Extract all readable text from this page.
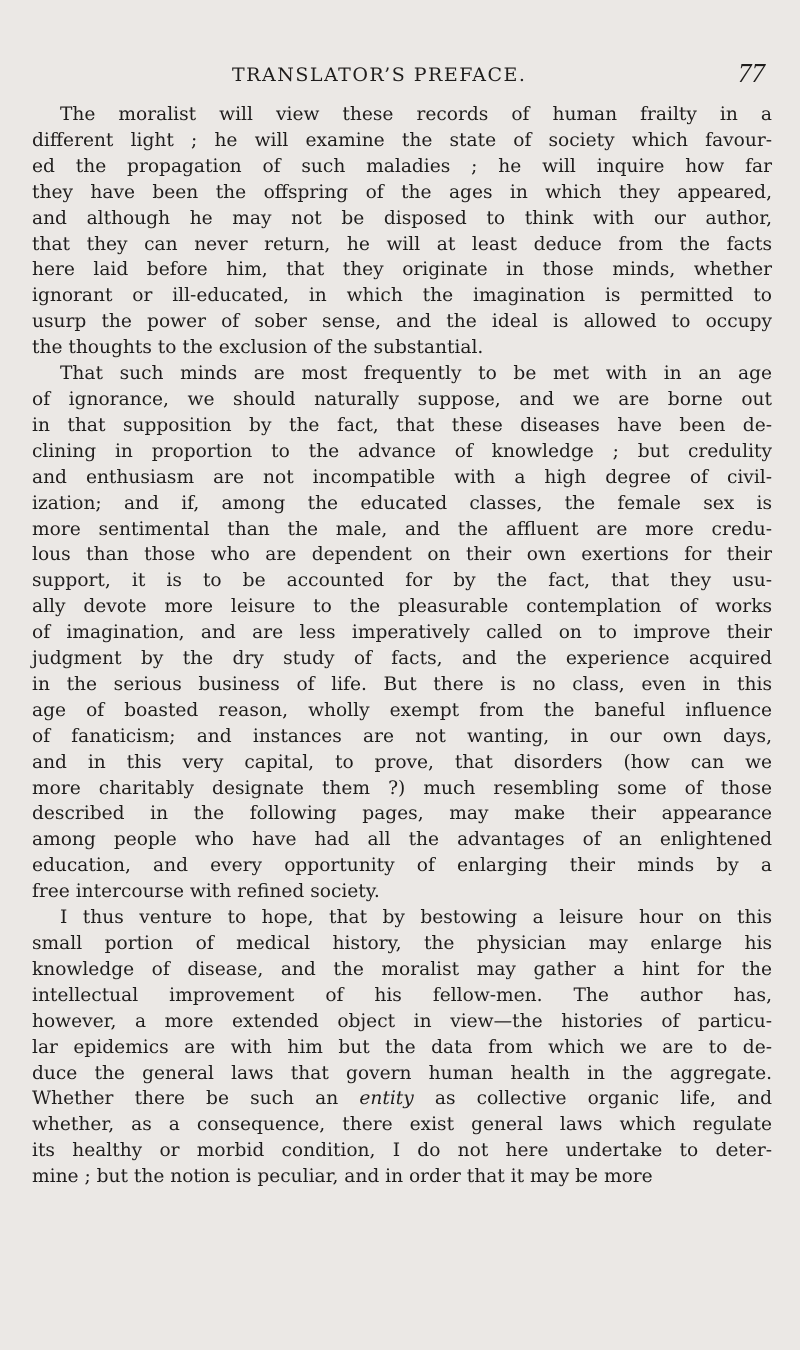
TRANSLATOR’S PREFACE.	77
The moralist will view these records of human frailty in a
different light ; he will examine the state of society which favour-
ed the propagation of such maladies ; he will inquire how far
they have been the offspring of the ages in which they appeared,
and although he may not be disposed to think with our author,
that they can never return, he will at least deduce from the facts
here laid before him, that they originate in those minds, whether
ignorant or ill-educated, in which the imagination is permitted to
usurp the power of sober sense, and the ideal is allowed to occupy
the thoughts to the exclusion of the substantial.
That such minds are most frequently to be met with in an age
of ignorance, we should naturally suppose, and we are borne out
in that supposition by the fact, that these diseases have been de-
clining in proportion to the advance of knowledge ; but credulity
and enthusiasm are not incompatible with a high degree of civil-
ization; and if, among the educated classes, the female sex is
more sentimental than the male, and the affluent are more credu-
lous than those who are dependent on their own exertions for their
support, it is to be accounted for by the fact, that they usu-
ally devote more leisure to the pleasurable contemplation of works
of imagination, and are less imperatively called on to improve their
judgment by the dry study of facts, and the experience acquired
in the serious business of life. But there is no class, even in this
age of boasted reason, wholly exempt from the baneful influence
of fanaticism; and instances are not wanting, in our own days,
and in this very capital, to prove, that disorders (how can we
more charitably designate them ?) much resembling some of those
described in the following pages, may make their appearance
among people who have had all the advantages of an enlightened
education, and every opportunity of enlarging their minds by a
free intercourse with refined society.
I thus venture to hope, that by bestowing a leisure hour on this
small portion of medical history, the physician may enlarge his
knowledge of disease, and the moralist may gather a hint for the
intellectual improvement of his fellow-men. The author has,
however, a more extended object in view—the histories of particu-
lar epidemics are with him but the data from which we are to de-
duce the general laws that govern human health in the aggregate.
Whether there be such an entity as collective organic life, and
whether, as a consequence, there exist general laws which regulate
its healthy or morbid condition, I do not here undertake to deter-
mine ; but the notion is peculiar, and in order that it may be more
